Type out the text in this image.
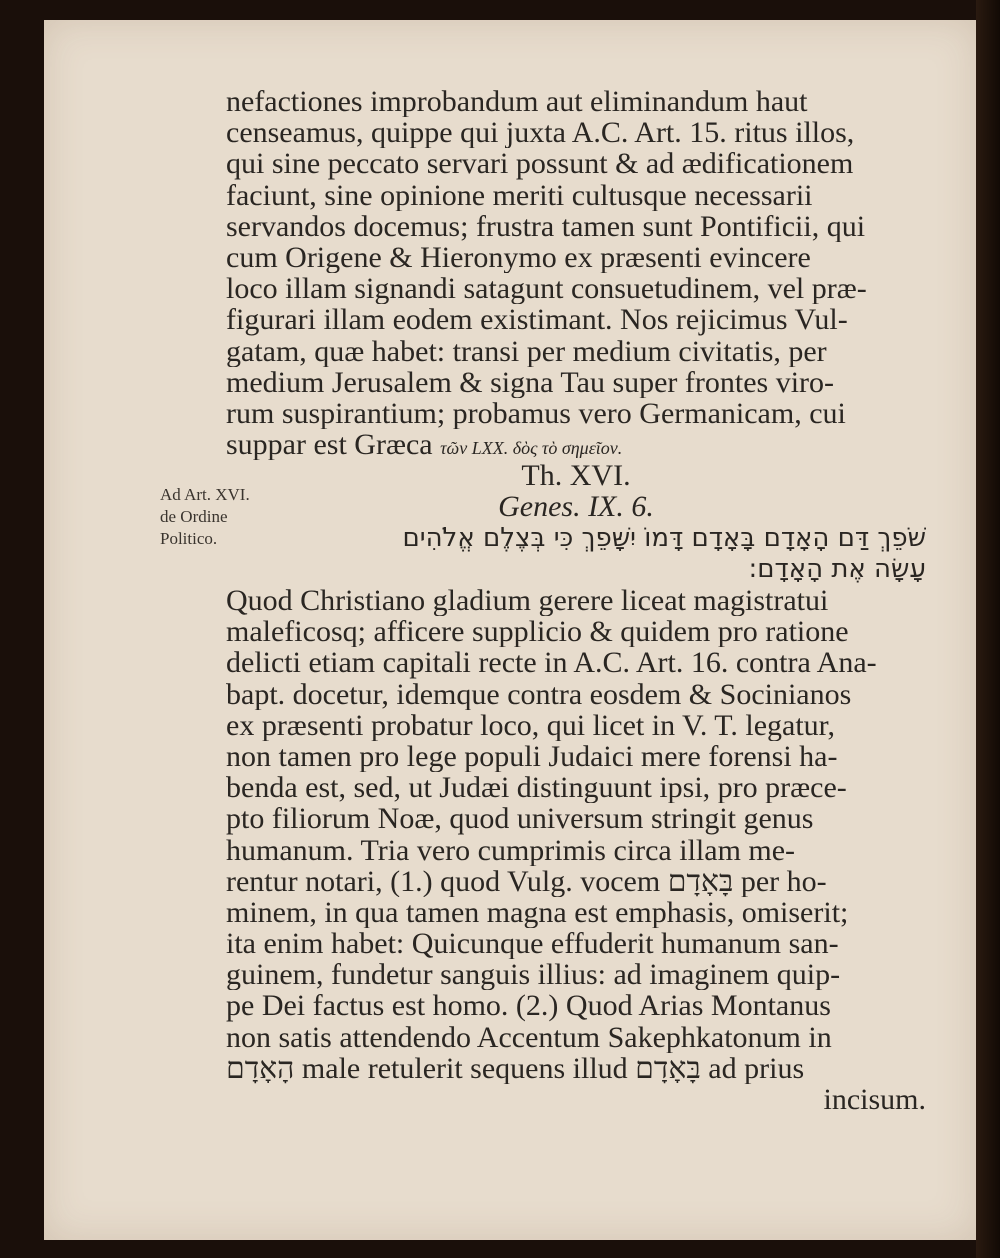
Ad Art. XVI.
de Ordine
Politico.
nefactiones improbandum aut eliminandum haut
censeamus, quippe qui juxta A.C. Art. 15. ritus illos,
qui sine peccato servari possunt & ad ædificationem
faciunt, sine opinione meriti cultusque necessarii
servandos docemus; frustra tamen sunt Pontificii, qui
cum Origene & Hieronymo ex præsenti evincere
loco illam signandi satagunt consuetudinem, vel præ-
figurari illam eodem existimant. Nos rejicimus Vul-
gatam, quæ habet: transi per medium civitatis, per
medium Jerusalem & signa Tau super frontes viro-
rum suspirantium; probamus vero Germanicam, cui
suppar est Græca τῶν LXX. δὸς τὸ σημεῖον.
Th. XVI.
Genes. IX. 6.
שֹׁפֵךְ דַּם הָאָדָם בָּאָדָם דָּמוֹ יִשָּׁפֵךְ כִּי בְּצֶלֶם אֱלֹהִים
עָשָׂה אֶת הָאָדָם:
Quod Christiano gladium gerere liceat magistratui
maleficosq; afficere supplicio & quidem pro ratione
delicti etiam capitali recte in A.C. Art. 16. contra Ana-
bapt. docetur, idemque contra eosdem & Socinianos
ex præsenti probatur loco, qui licet in V. T. legatur,
non tamen pro lege populi Judaici mere forensi ha-
benda est, sed, ut Judæi distinguunt ipsi, pro præce-
pto filiorum Noæ, quod universum stringit genus
humanum. Tria vero cumprimis circa illam me-
rentur notari, (1.) quod Vulg. vocem בָּאָדָם per ho-
minem, in qua tamen magna est emphasis, omiserit;
ita enim habet: Quicunque effuderit humanum san-
guinem, fundetur sanguis illius: ad imaginem quip-
pe Dei factus est homo. (2.) Quod Arias Montanus
non satis attendendo Accentum Sakephkatonum in
הָאָדָם male retulerit sequens illud בָּאָדָם ad prius
incisum.
